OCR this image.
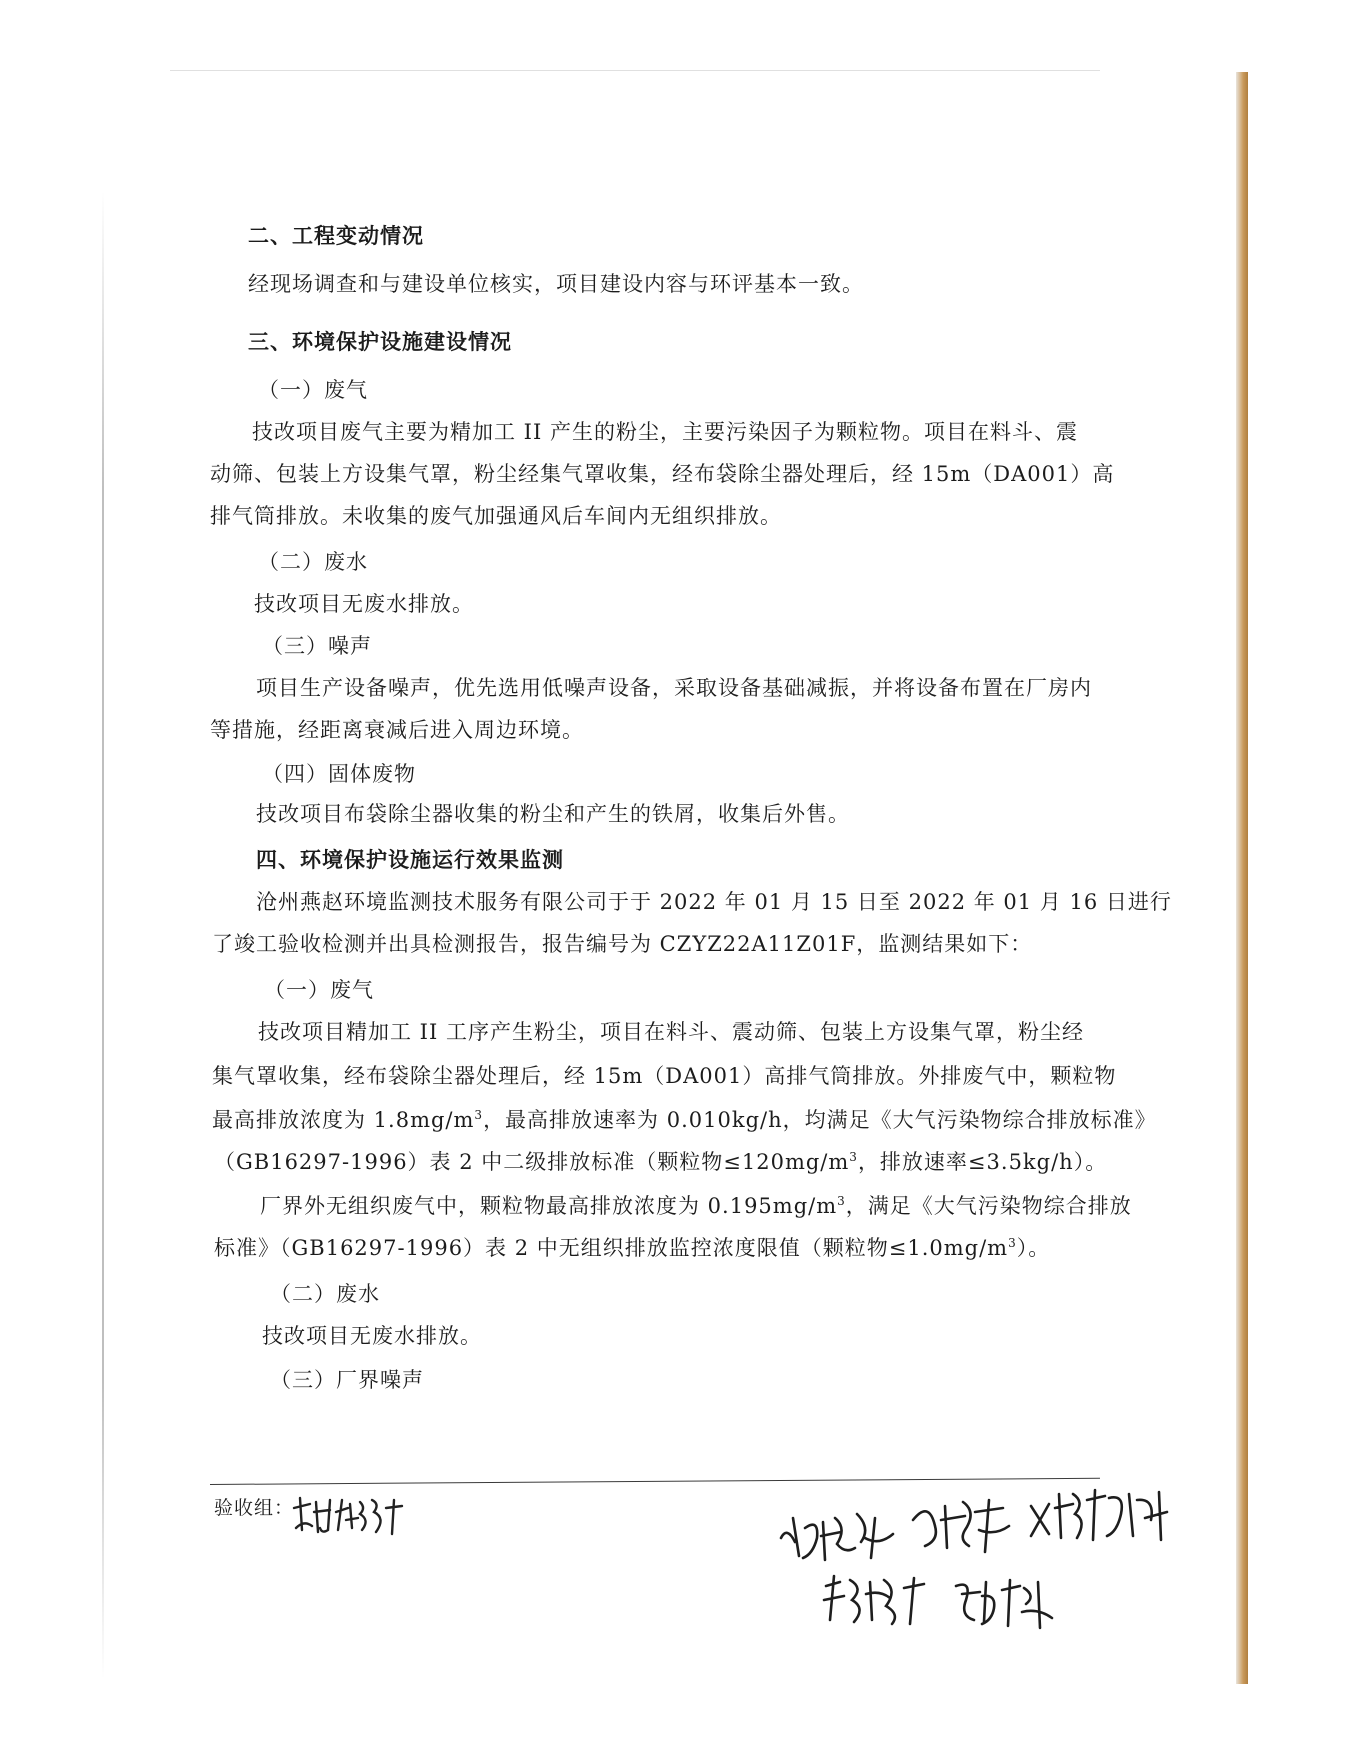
二、工程变动情况
经现场调查和与建设单位核实，项目建设内容与环评基本一致。
三、环境保护设施建设情况
（一）废气
技改项目废气主要为精加工 II 产生的粉尘，主要污染因子为颗粒物。项目在料斗、震
动筛、包装上方设集气罩，粉尘经集气罩收集，经布袋除尘器处理后，经 15m（DA001）高
排气筒排放。未收集的废气加强通风后车间内无组织排放。
（二）废水
技改项目无废水排放。
（三）噪声
项目生产设备噪声，优先选用低噪声设备，采取设备基础减振，并将设备布置在厂房内
等措施，经距离衰减后进入周边环境。
（四）固体废物
技改项目布袋除尘器收集的粉尘和产生的铁屑，收集后外售。
四、环境保护设施运行效果监测
沧州燕赵环境监测技术服务有限公司于于 2022 年 01 月 15 日至 2022 年 01 月 16 日进行
了竣工验收检测并出具检测报告，报告编号为 CZYZ22A11Z01F，监测结果如下：
（一）废气
技改项目精加工 II 工序产生粉尘，项目在料斗、震动筛、包装上方设集气罩，粉尘经
集气罩收集，经布袋除尘器处理后，经 15m（DA001）高排气筒排放。外排废气中，颗粒物
最高排放浓度为 $1.8mg/m^3$，最高排放速率为 0.010kg/h，均满足《大气污染物综合排放标准》
（GB16297-1996）表 2 中二级排放标准（颗粒物$\le 120mg/m^3$，排放速率≤3.5kg/h）。
厂界外无组织废气中，颗粒物最高排放浓度为 $0.195mg/m^3$，满足《大气污染物综合排放
标准》（GB16297-1996）表 2 中无组织排放监控浓度限值（颗粒物$\le 1.0mg/m^3$）。
（二）废水
技改项目无废水排放。
（三）厂界噪声
验收组：
